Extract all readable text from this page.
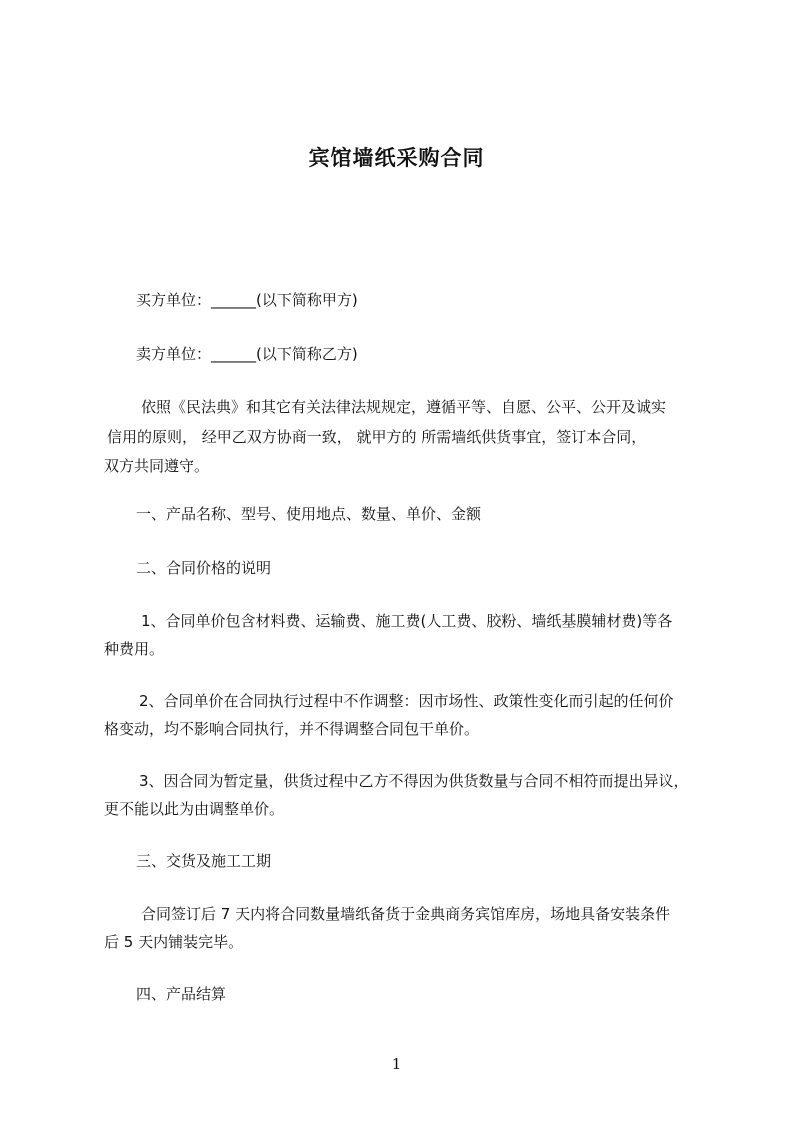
宾馆墙纸采购合同
买方单位：______(以下简称甲方)
卖方单位：______(以下简称乙方)
依照《民法典》和其它有关法律法规规定，遵循平等、自愿、公平、公开及诚实
信用的原则， 经甲乙双方协商一致， 就甲方的 所需墙纸供货事宜，签订本合同，
双方共同遵守。
一、产品名称、型号、使用地点、数量、单价、金额
二、合同价格的说明
1、合同单价包含材料费、运输费、施工费(人工费、胶粉、墙纸基膜辅材费)等各
种费用。
2、合同单价在合同执行过程中不作调整：因市场性、政策性变化而引起的任何价
格变动，均不影响合同执行，并不得调整合同包干单价。
3、因合同为暂定量，供货过程中乙方不得因为供货数量与合同不相符而提出异议，
更不能以此为由调整单价。
三、交货及施工工期
合同签订后 7 天内将合同数量墙纸备货于金典商务宾馆库房，场地具备安装条件
后 5 天内铺装完毕。
四、产品结算
1
